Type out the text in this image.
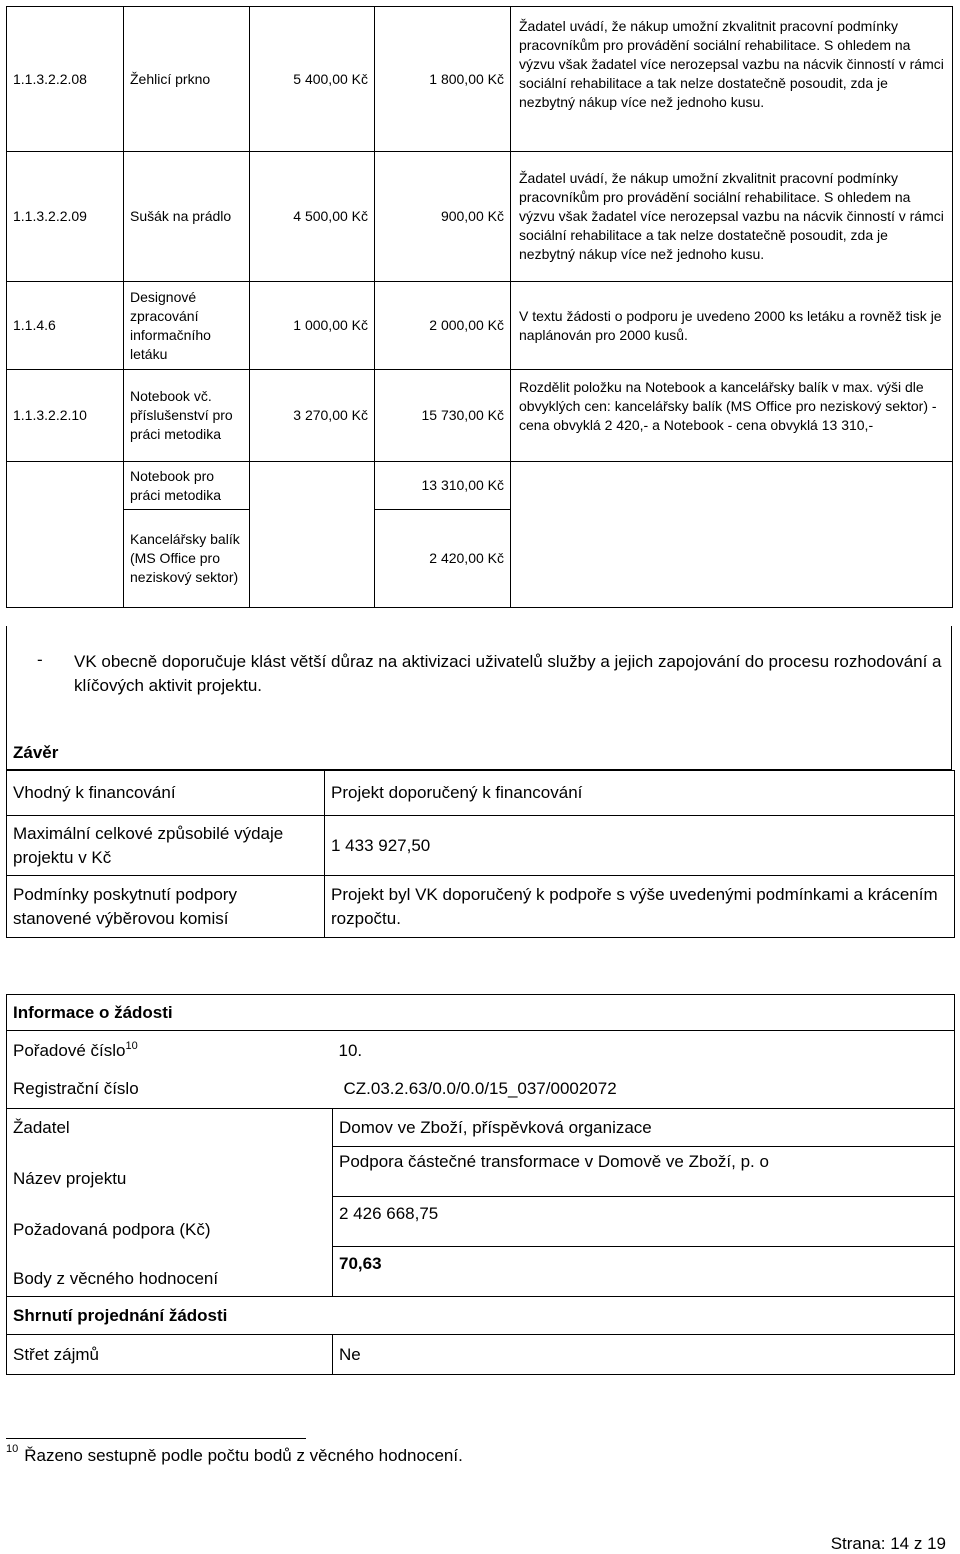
1.1.3.2.2.08	Žehlicí prkno	5 400,00 Kč	1 800,00 Kč	Žadatel uvádí, že nákup umožní zkvalitnit pracovní podmínky pracovníkům pro provádění sociální rehabilitace. S ohledem na výzvu však žadatel více nerozepsal vazbu na nácvik činností v rámci sociální rehabilitace a tak nelze dostatečně posoudit, zda je nezbytný nákup více než jednoho kusu.
1.1.3.2.2.09	Sušák na prádlo	4 500,00 Kč	900,00 Kč	Žadatel uvádí, že nákup umožní zkvalitnit pracovní podmínky pracovníkům pro provádění sociální rehabilitace. S ohledem na výzvu však žadatel více nerozepsal vazbu na nácvik činností v rámci sociální rehabilitace a tak nelze dostatečně posoudit, zda je nezbytný nákup více než jednoho kusu.
1.1.4.6	Designové zpracování informačního letáku	1 000,00 Kč	2 000,00 Kč	V textu žádosti o podporu je uvedeno 2000 ks letáku a rovněž tisk je naplánován pro 2000 kusů.
1.1.3.2.2.10	Notebook vč. příslušenství pro práci metodika	3 270,00 Kč	15 730,00 Kč	Rozdělit položku na Notebook a kancelářsky balík v max. výši dle obvyklých cen: kancelářsky balík (MS Office pro neziskový sektor) - cena obvyklá 2 420,- a Notebook - cena obvyklá 13 310,-
	Notebook pro práci metodika		13 310,00 Kč	
	Kancelářsky balík (MS Office pro neziskový sektor)		2 420,00 Kč	
- VK obecně doporučuje klást větší důraz na aktivizaci uživatelů služby a jejich zapojování do procesu rozhodování a klíčových aktivit projektu.
Závěr
Vhodný k financování	Projekt doporučený k financování
Maximální celkové způsobilé výdaje projektu v Kč	1 433 927,50
Podmínky poskytnutí podpory stanovené výběrovou komisí	Projekt byl VK doporučený k podpoře s výše uvedenými podmínkami a krácením rozpočtu.
Informace o žádosti	
Pořadové číslo$^{10}$	10.
Registrační číslo	CZ.03.2.63/0.0/0.0/15_037/0002072
Žadatel	Domov ve Zboží, příspěvková organizace
Název projektu	Podpora částečné transformace v Domově ve Zboží, p. o
Požadovaná podpora (Kč)	2 426 668,75
Body z věcného hodnocení	70,63
Shrnutí projednání žádosti	
Střet zájmů	Ne
$^{10}$ Řazeno sestupně podle počtu bodů z věcného hodnocení.
Strana: 14 z 19
